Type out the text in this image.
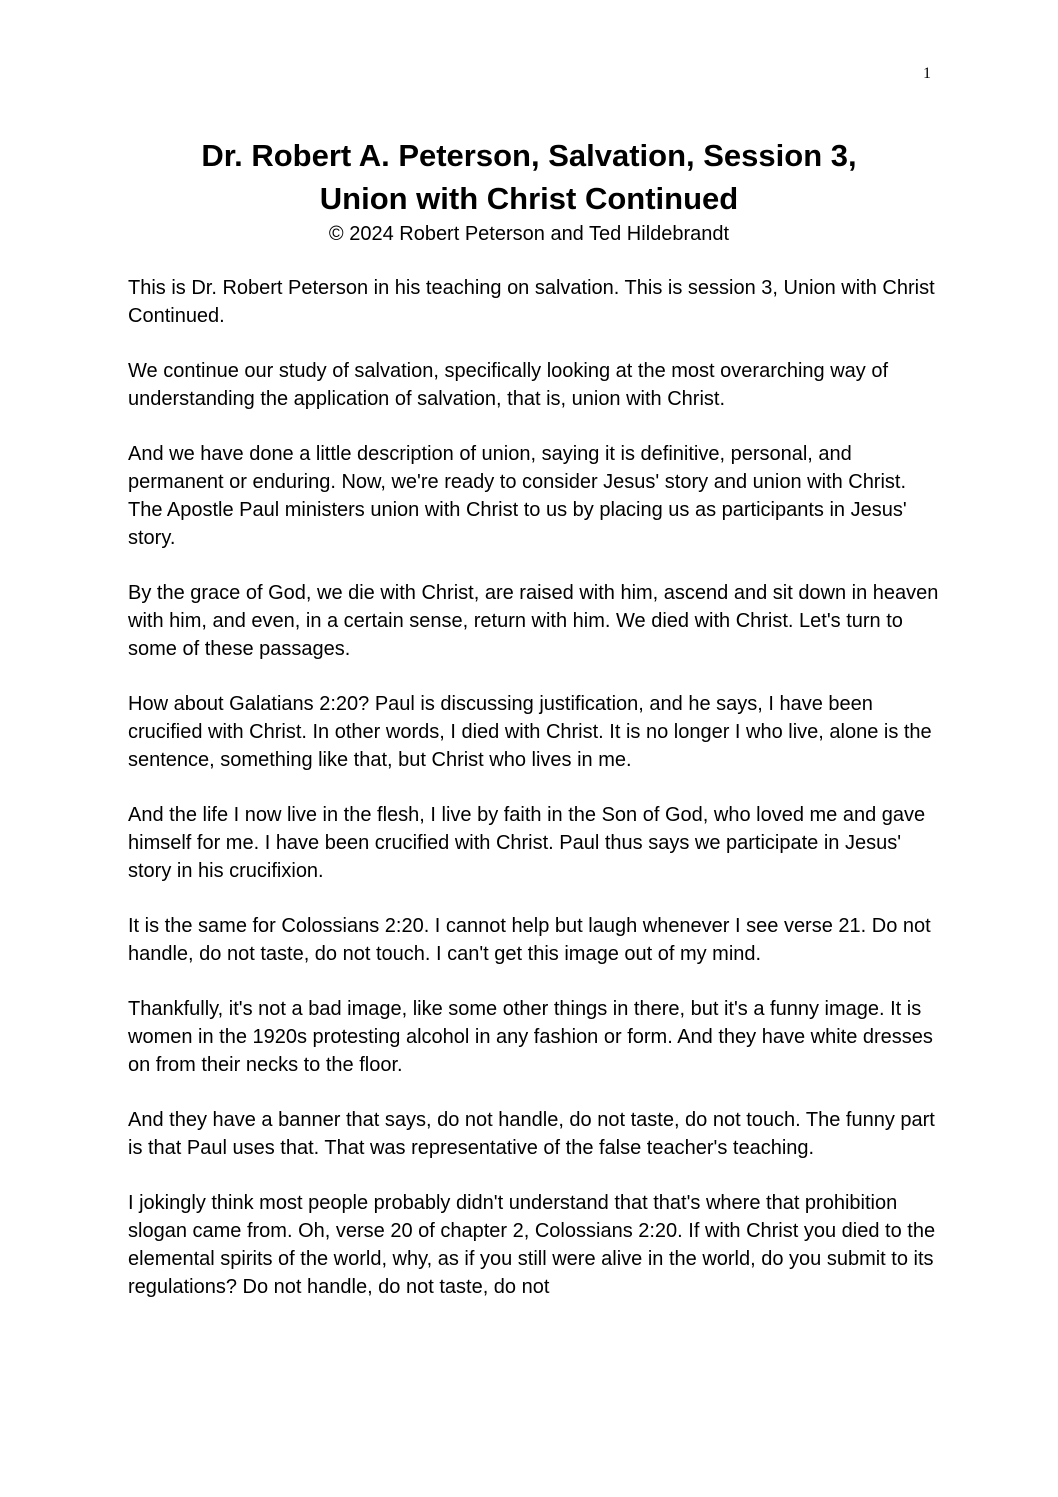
1
Dr. Robert A. Peterson, Salvation, Session 3,
Union with Christ Continued
© 2024 Robert Peterson and Ted Hildebrandt

This is Dr. Robert Peterson in his teaching on salvation. This is session 3, Union with Christ Continued.

We continue our study of salvation, specifically looking at the most overarching way of understanding the application of salvation, that is, union with Christ.

And we have done a little description of union, saying it is definitive, personal, and permanent or enduring. Now, we're ready to consider Jesus' story and union with Christ. The Apostle Paul ministers union with Christ to us by placing us as participants in Jesus' story.

By the grace of God, we die with Christ, are raised with him, ascend and sit down in heaven with him, and even, in a certain sense, return with him. We died with Christ. Let's turn to some of these passages.

How about Galatians 2:20? Paul is discussing justification, and he says, I have been crucified with Christ. In other words, I died with Christ. It is no longer I who live, alone is the sentence, something like that, but Christ who lives in me.

And the life I now live in the flesh, I live by faith in the Son of God, who loved me and gave himself for me. I have been crucified with Christ. Paul thus says we participate in Jesus' story in his crucifixion.

It is the same for Colossians 2:20. I cannot help but laugh whenever I see verse 21. Do not handle, do not taste, do not touch. I can't get this image out of my mind.

Thankfully, it's not a bad image, like some other things in there, but it's a funny image. It is women in the 1920s protesting alcohol in any fashion or form. And they have white dresses on from their necks to the floor.

And they have a banner that says, do not handle, do not taste, do not touch. The funny part is that Paul uses that. That was representative of the false teacher's teaching.

I jokingly think most people probably didn't understand that that's where that prohibition slogan came from. Oh, verse 20 of chapter 2, Colossians 2:20. If with Christ you died to the elemental spirits of the world, why, as if you still were alive in the world, do you submit to its regulations? Do not handle, do not taste, do not
